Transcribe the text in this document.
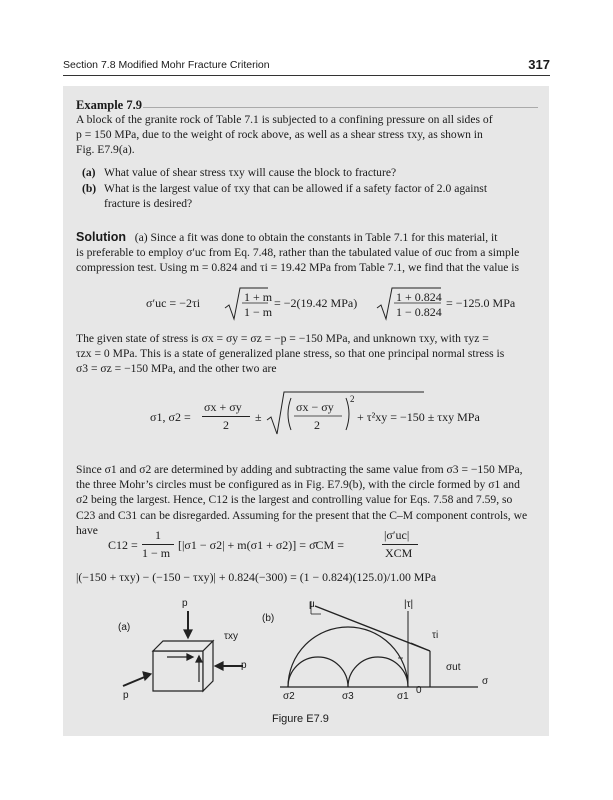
Section 7.8 Modified Mohr Fracture Criterion	317
Example 7.9

A block of the granite rock of Table 7.1 is subjected to a confining pressure on all sides of

p = 150 MPa, due to the weight of rock above, as well as a shear stress τxy, as shown in

Fig. E7.9(a).

(a) What value of shear stress τxy will cause the block to fracture?
(b) What is the largest value of τxy that can be allowed if a safety factor of 2.0 against
fracture is desired?

Solution (a) Since a fit was done to obtain the constants in Table 7.1 for this material, it

is preferable to employ σ′uc from Eq. 7.48, rather than the tabulated value of σuc from a simple

compression test. Using m = 0.824 and τi = 19.42 MPa from Table 7.1, we find that the value is

σ′uc = −2τi	1 + m
1 − m
= −2(19.42 MPa)	1 + 0.824
1 − 0.824
= −125.0 MPa

The given state of stress is σx = σy = σz = −p = −150 MPa, and unknown τxy, with τyz =

τzx = 0 MPa. This is a state of generalized plane stress, so that one principal normal stress is

σ3 = σz = −150 MPa, and the other two are

σ1, σ2 =
σx + σy
2
±
σx − σy
2
2
+ τ²xy = −150 ± τxy MPa

Since σ1 and σ2 are determined by adding and subtracting the same value from σ3 = −150 MPa,

the three Mohr’s circles must be configured as in Fig. E7.9(b), with the circle formed by σ1 and

σ2 being the largest. Hence, C12 is the largest and controlling value for Eqs. 7.58 and 7.59, so

C23 and C31 can be disregarded. Assuming for the present that the C–M component controls, we

have

C12 =
1
1 − m
[|σ1 − σ2| + m(σ1 + σ2)] = σ̄CM =
|σ′uc|
XCM
|(−150 + τxy) − (−150 − τxy)| + 0.824(−300) = (1 − 0.824)(125.0)/1.00 MPa
p
(a)
τxy
p
p
(b)
μ	|τ|
τi
σut
σ
σ2	σ3	σ1
0
Figure E7.9
